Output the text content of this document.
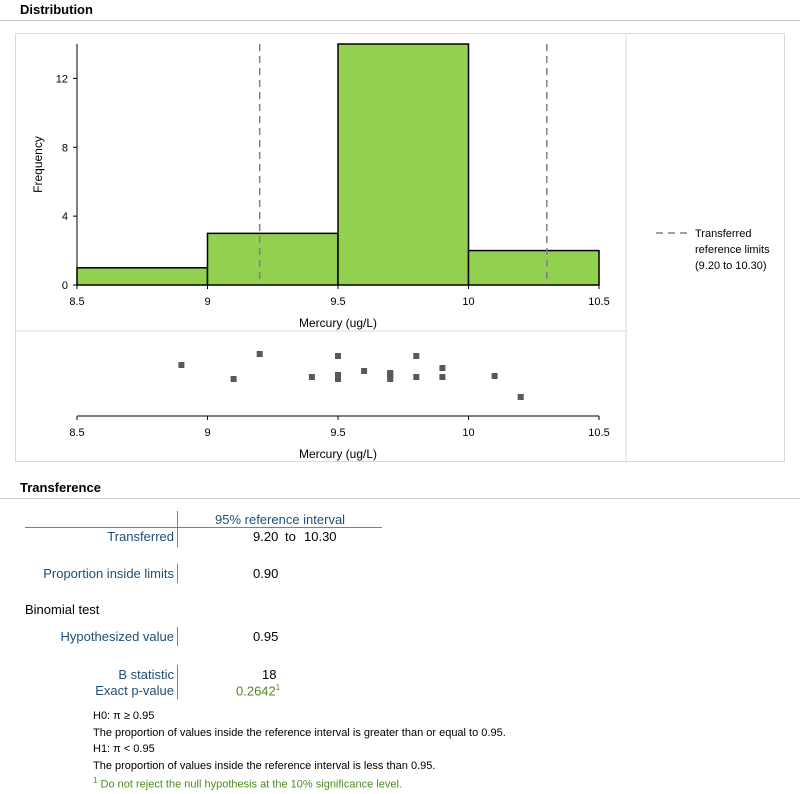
Distribution
0
4
8
12
8.5	9	9.5	10	10.5
Mercury (ug/L)
Frequency
8.5	9	9.5	10	10.5
Mercury (ug/L)
Transferred
reference limits
(9.20 to 10.30)
Transference
95% reference interval
Transferred	9.20 to 10.30
Proportion inside limits	0.90
Binomial test
Hypothesized value	0.95
B statistic	18
Exact p-value	0.2642$^1$
H0: π ≥ 0.95
The proportion of values inside the reference interval is greater than or equal to 0.95.
H1: π < 0.95
The proportion of values inside the reference interval is less than 0.95.
$^1$ Do not reject the null hypothesis at the 10% significance level.
